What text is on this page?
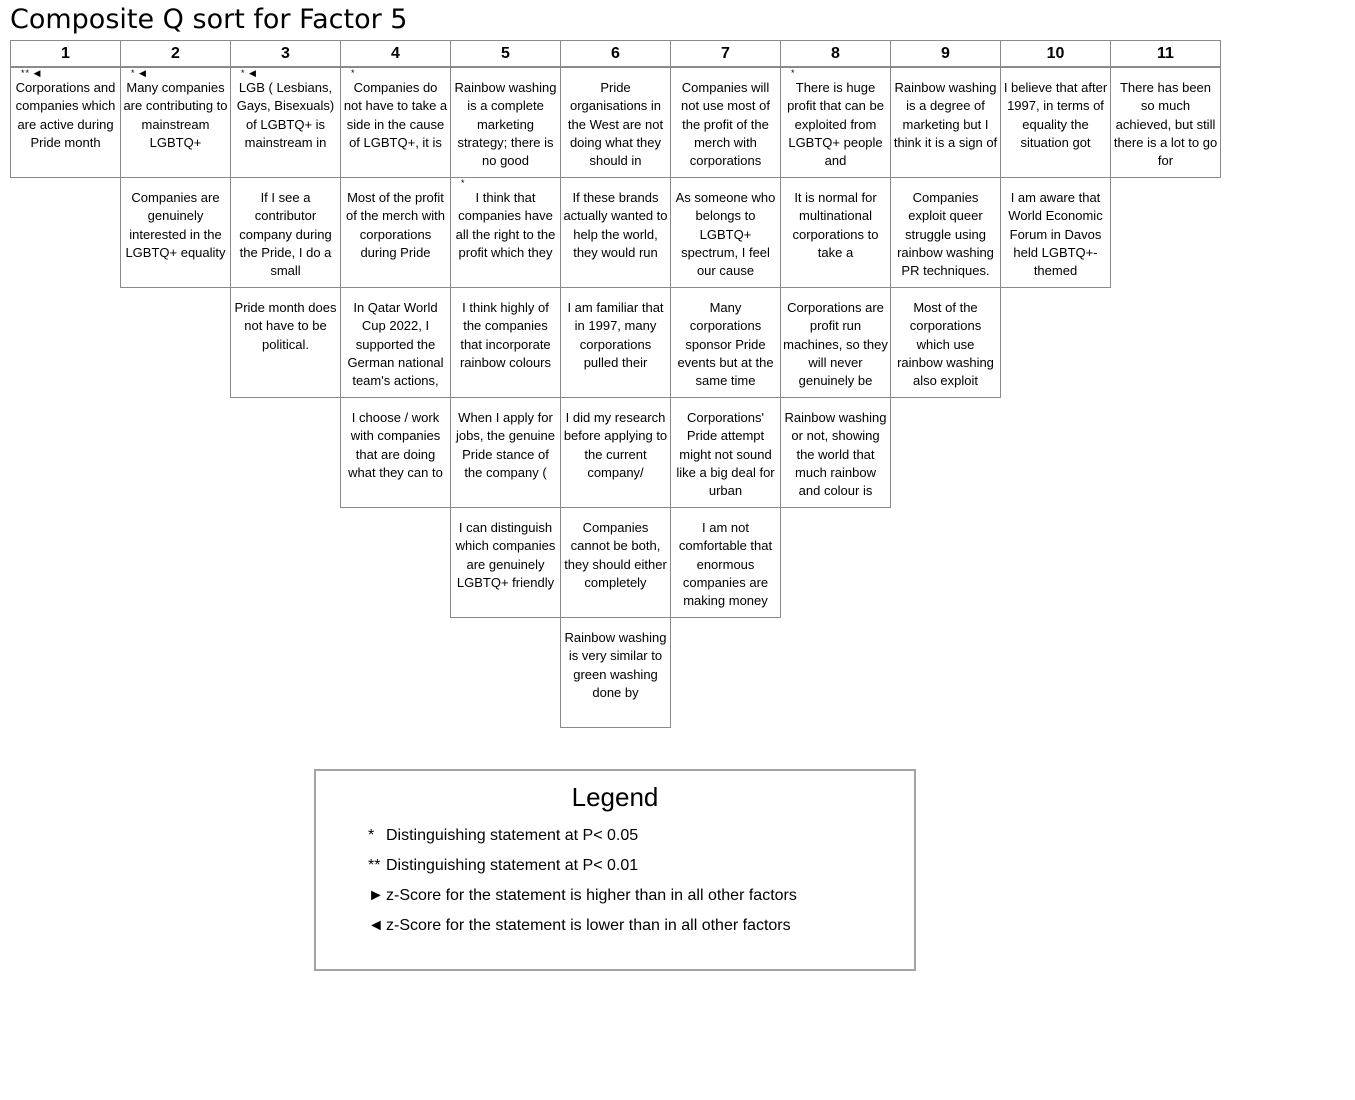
Composite Q sort for Factor 5
1
** ◀
Corporations and companies which are active during Pride month
2
* ◀
Many companies are contributing to mainstream LGBTQ+
Companies are genuinely interested in the LGBTQ+ equality
3
* ◀
LGB ( Lesbians, Gays, Bisexuals) of LGBTQ+ is mainstream in
If I see a contributor company during the Pride, I do a small
Pride month does not have to be political.
4
*
Companies do not have to take a side in the cause of LGBTQ+, it is
Most of the profit of the merch with corporations during Pride
In Qatar World Cup 2022, I supported the German national team's actions,
I choose / work with companies that are doing what they can to
5
Rainbow washing is a complete marketing strategy; there is no good
*
I think that companies have all the right to the profit which they
I think highly of the companies that incorporate rainbow colours
When I apply for jobs, the genuine Pride stance of the company (
I can distinguish which companies are genuinely LGBTQ+ friendly
6
Pride organisations in the West are not doing what they should in
If these brands actually wanted to help the world, they would run
I am familiar that in 1997, many corporations pulled their
I did my research before applying to the current company/
Companies cannot be both, they should either completely
Rainbow washing is very similar to green washing done by
7
Companies will not use most of the profit of the merch with corporations
As someone who belongs to LGBTQ+ spectrum, I feel our cause
Many corporations sponsor Pride events but at the same time
Corporations' Pride attempt might not sound like a big deal for urban
I am not comfortable that enormous companies are making money
8
*
There is huge profit that can be exploited from LGBTQ+ people and
It is normal for multinational corporations to take a
Corporations are profit run machines, so they will never genuinely be
Rainbow washing or not, showing the world that much rainbow and colour is
9
Rainbow washing is a degree of marketing but I think it is a sign of
Companies exploit queer struggle using rainbow washing PR techniques.
Most of the corporations which use rainbow washing also exploit
10
I believe that after 1997, in terms of equality the situation got
I am aware that World Economic Forum in Davos held LGBTQ+-themed
11
There has been so much achieved, but still there is a lot to go for
Legend
* Distinguishing statement at P< 0.05
** Distinguishing statement at P< 0.01
► z-Score for the statement is higher than in all other factors
◄ z-Score for the statement is lower than in all other factors
